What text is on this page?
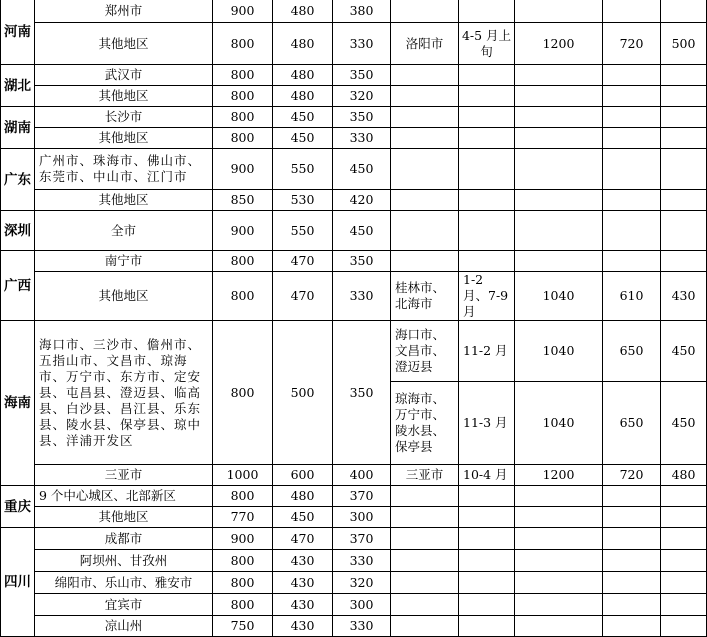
河南	郑州市	900	480	380					
	其他地区	800	480	330	洛阳市	4-5 月上旬	1200	720	500
湖北	武汉市	800	480	350					
	其他地区	800	480	320					
湖南	长沙市	800	450	350					
	其他地区	800	450	330					
广东	广州市、珠海市、佛山市、东莞市、中山市、江门市	900	550	450					
	其他地区	850	530	420					
深圳	全市	900	550	450					
广西	南宁市	800	470	350					
	其他地区	800	470	330	桂林市、北海市	1-2 月、7-9 月	1040	610	430
海南	海口市、三沙市、儋州市、五指山市、文昌市、琼海市、万宁市、东方市、定安县、屯昌县、澄迈县、临高县、白沙县、昌江县、乐东县、陵水县、保亭县、琼中县、洋浦开发区	800	500	350	海口市、文昌市、澄迈县	11-2 月	1040	650	450
					琼海市、万宁市、陵水县、保亭县	11-3 月	1040	650	450
	三亚市	1000	600	400	三亚市	10-4 月	1200	720	480
重庆	9 个中心城区、北部新区	800	480	370					
	其他地区	770	450	300					
四川	成都市	900	470	370					
	阿坝州、甘孜州	800	430	330					
	绵阳市、乐山市、雅安市	800	430	320					
	宜宾市	800	430	300					
	凉山州	750	430	330					
